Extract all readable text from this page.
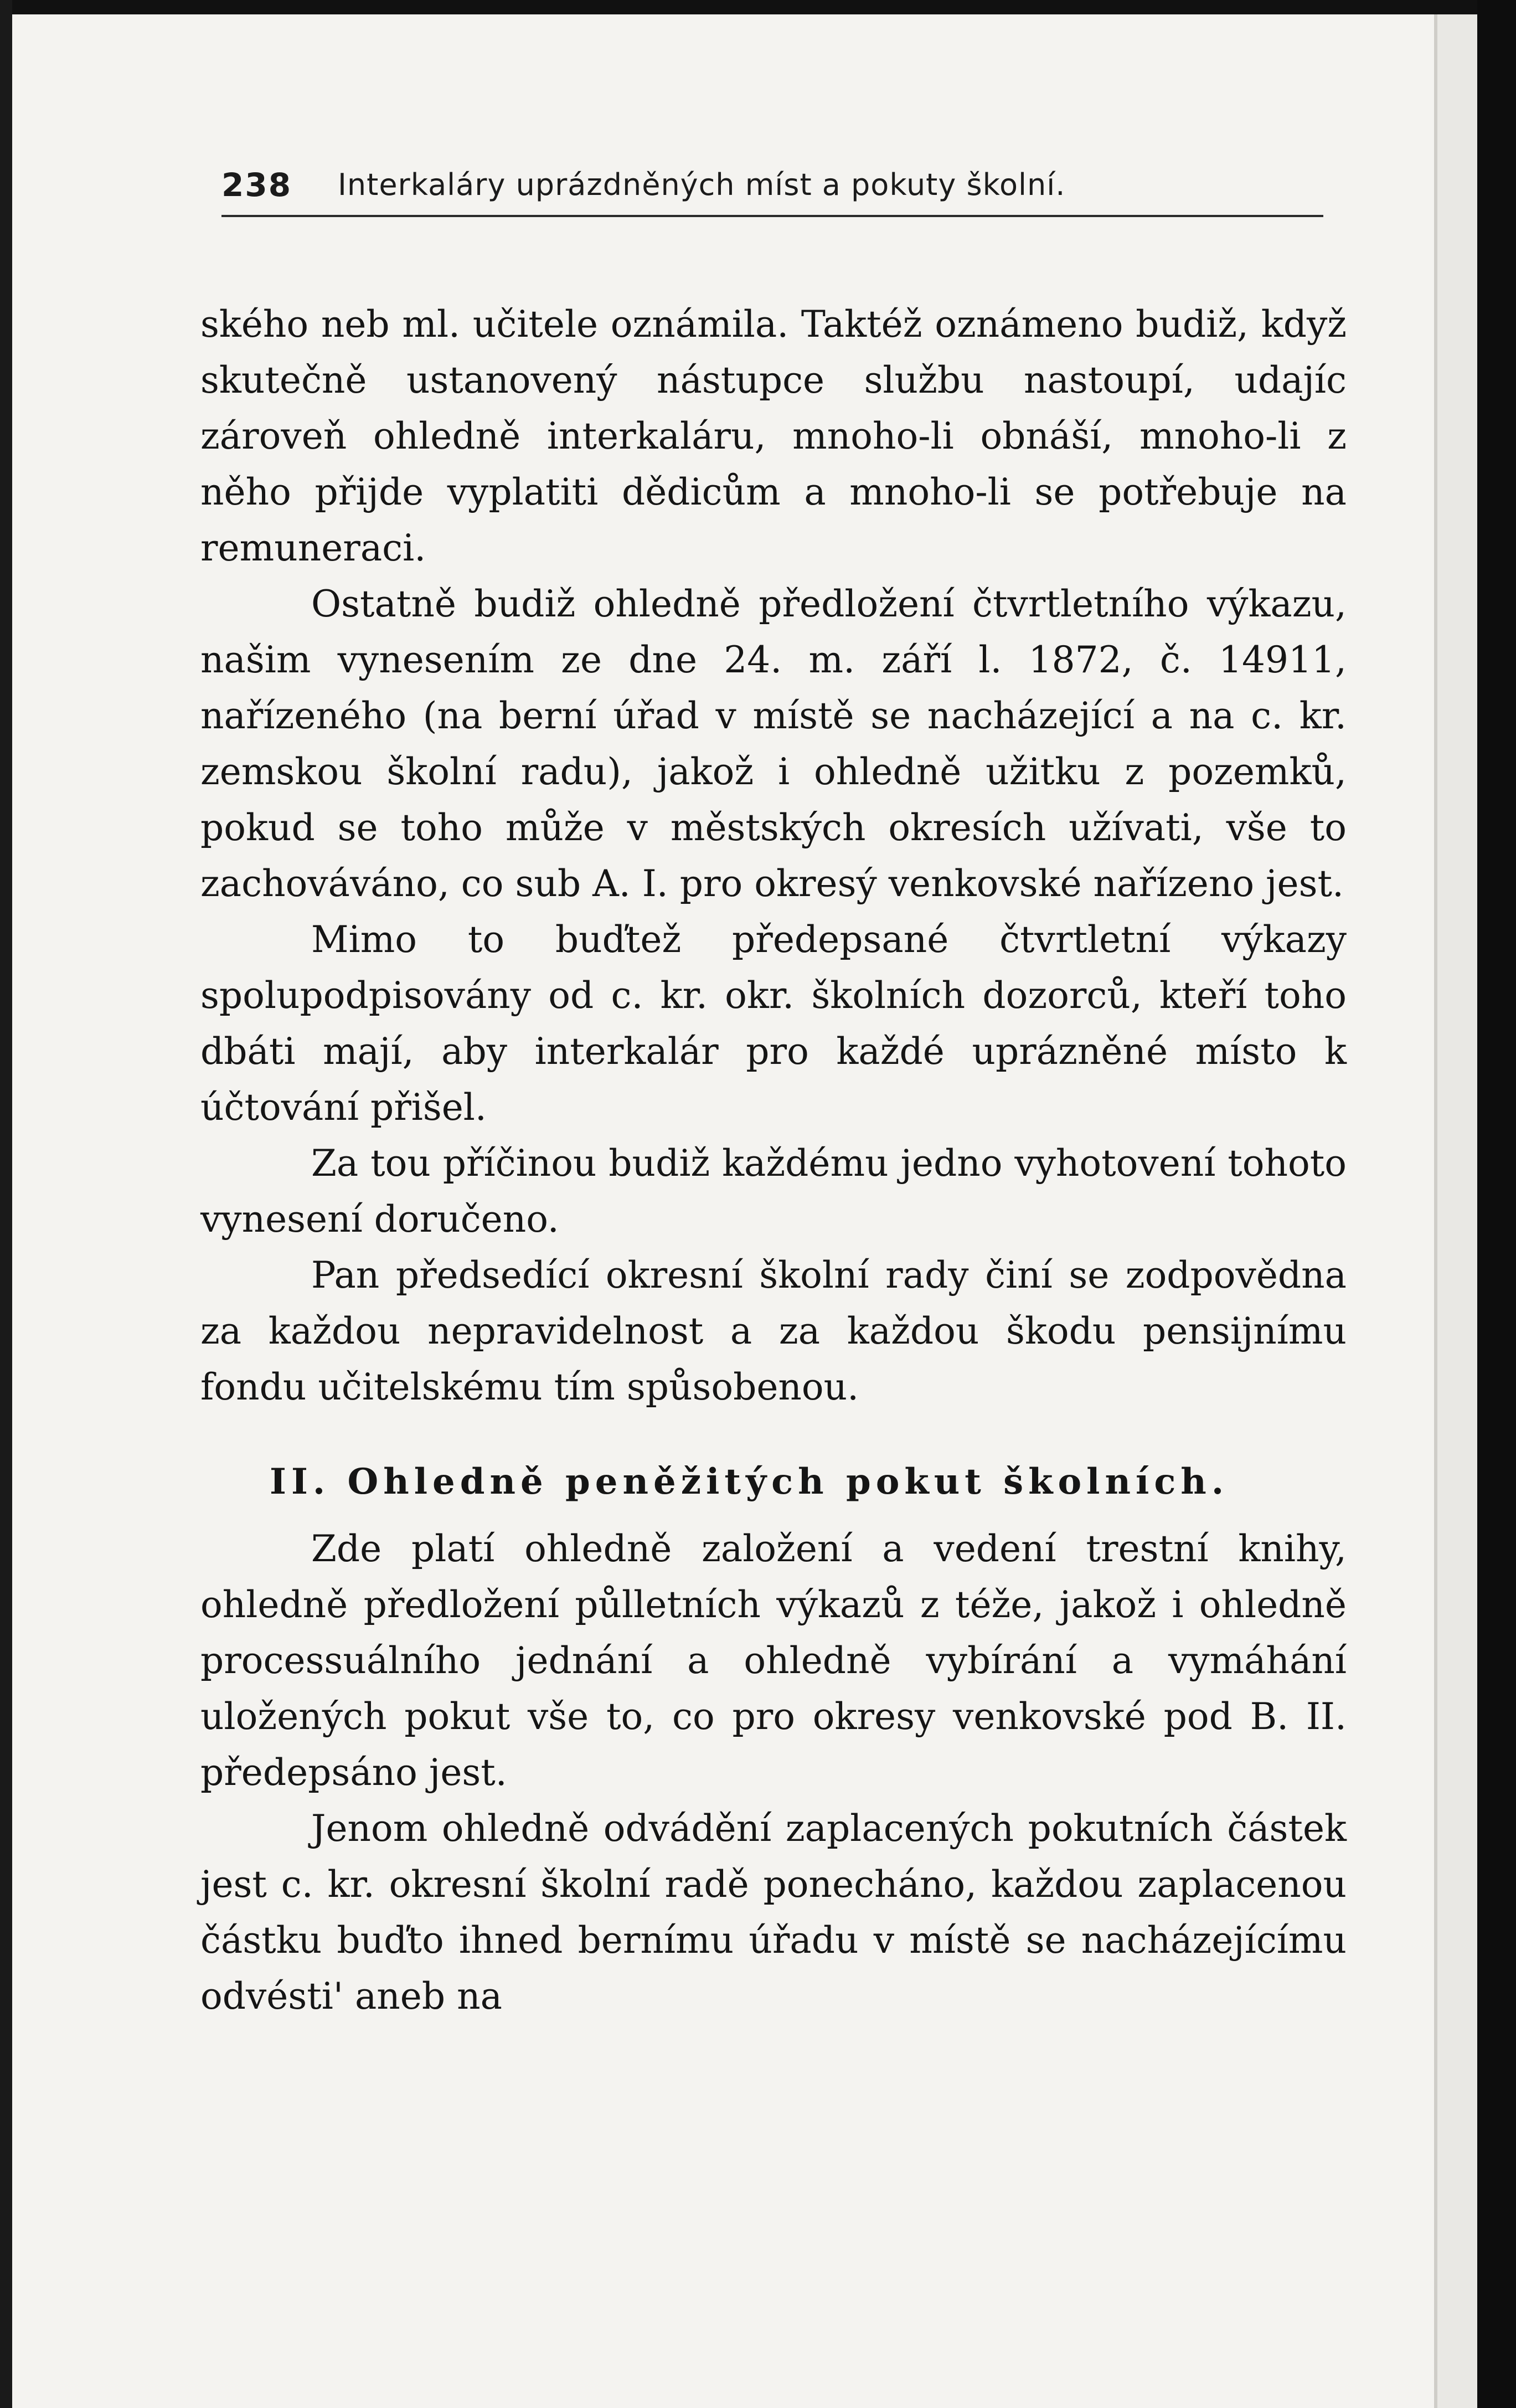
238 Interkaláry uprázdněných míst a pokuty školní.

ského neb ml. učitele oznámila. Taktéž oznámeno budiž, když skutečně ustanovený nástupce službu nastoupí, udajíc zároveň ohledně interkaláru, mnoho-li obnáší, mnoho-li z něho přijde vyplatiti dědicům a mnoho-li se potřebuje na remuneraci.

Ostatně budiž ohledně předložení čtvrtletního výkazu, našim vynesením ze dne 24. m. září l. 1872, č. 14911, nařízeného (na berní úřad v místě se nacházející a na c. kr. zemskou školní radu), jakož i ohledně užitku z pozemků, pokud se toho může v městských okresích užívati, vše to zachováváno, co sub A. I. pro okresý venkovské nařízeno jest.

Mimo to buďtež předepsané čtvrtletní výkazy spolupodpisovány od c. kr. okr. školních dozorců, kteří toho dbáti mají, aby interkalár pro každé uprázněné místo k účtování přišel.

Za tou příčinou budiž každému jedno vyhotovení tohoto vynesení doručeno.

Pan předsedící okresní školní rady činí se zodpovědna za každou nepravidelnost a za každou škodu pensijnímu fondu učitelskému tím spůsobenou.

II. Ohledně peněžitých pokut školních.

Zde platí ohledně založení a vedení trestní knihy, ohledně předložení půlletních výkazů z téže, jakož i ohledně processuálního jednání a ohledně vybírání a vymáhání uložených pokut vše to, co pro okresy venkovské pod B. II. předepsáno jest.

Jenom ohledně odvádění zaplacených pokutních částek jest c. kr. okresní školní radě ponecháno, každou zaplacenou částku buďto ihned bernímu úřadu v místě se nacházejícímu odvésti' aneb na
